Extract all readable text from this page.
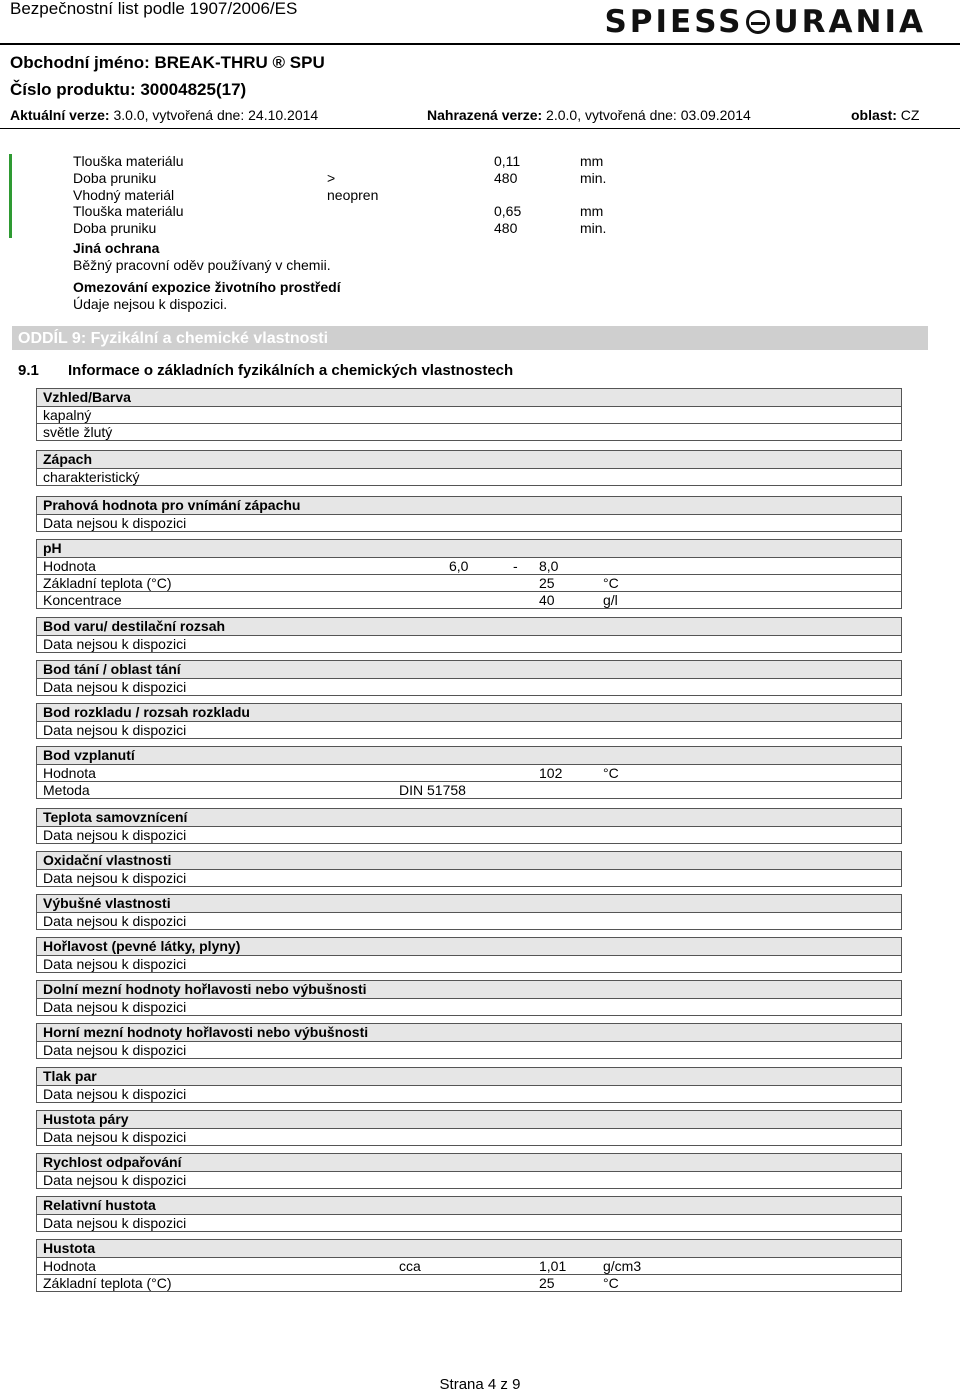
Bezpečnostní list podle 1907/2006/ES	SPIESS URANIA
Obchodní jméno: BREAK-THRU ® SPU
Číslo produktu: 30004825(17)
Aktuální verze: 3.0.0, vytvořená dne: 24.10.2014	Nahrazená verze: 2.0.0, vytvořená dne: 03.09.2014	oblast: CZ
Tlouška materiálu	0,11	mm
Doba pruniku	>	480	min.
Vhodný materiál	neopren
Tlouška materiálu	0,65	mm
Doba pruniku	480	min.
Jiná ochrana
Běžný pracovní oděv používaný v chemii.
Omezování expozice životního prostředí
Údaje nejsou k dispozici.
ODDÍL 9: Fyzikální a chemické vlastnosti
9.1 Informace o základních fyzikálních a chemických vlastnostech
Vzhled/Barva
kapalný
světle žlutý
Zápach
charakteristický
Prahová hodnota pro vnímání zápachu
Data nejsou k dispozici
pH
Hodnota	6,0	- 8,0
Základní teplota (°C)	25	°C
Koncentrace	40	g/l
Bod varu/ destilační rozsah
Data nejsou k dispozici
Bod tání / oblast tání
Data nejsou k dispozici
Bod rozkladu / rozsah rozkladu
Data nejsou k dispozici
Bod vzplanutí
Hodnota	102	°C
Metoda	DIN 51758
Teplota samovznícení
Data nejsou k dispozici
Oxidační vlastnosti
Data nejsou k dispozici
Výbušné vlastnosti
Data nejsou k dispozici
Hořlavost (pevné látky, plyny)
Data nejsou k dispozici
Dolní mezní hodnoty hořlavosti nebo výbušnosti
Data nejsou k dispozici
Horní mezní hodnoty hořlavosti nebo výbušnosti
Data nejsou k dispozici
Tlak par
Data nejsou k dispozici
Hustota páry
Data nejsou k dispozici
Rychlost odpařování
Data nejsou k dispozici
Relativní hustota
Data nejsou k dispozici
Hustota
Hodnota	cca	1,01	g/cm3
Základní teplota (°C)	25	°C
Strana 4 z 9
